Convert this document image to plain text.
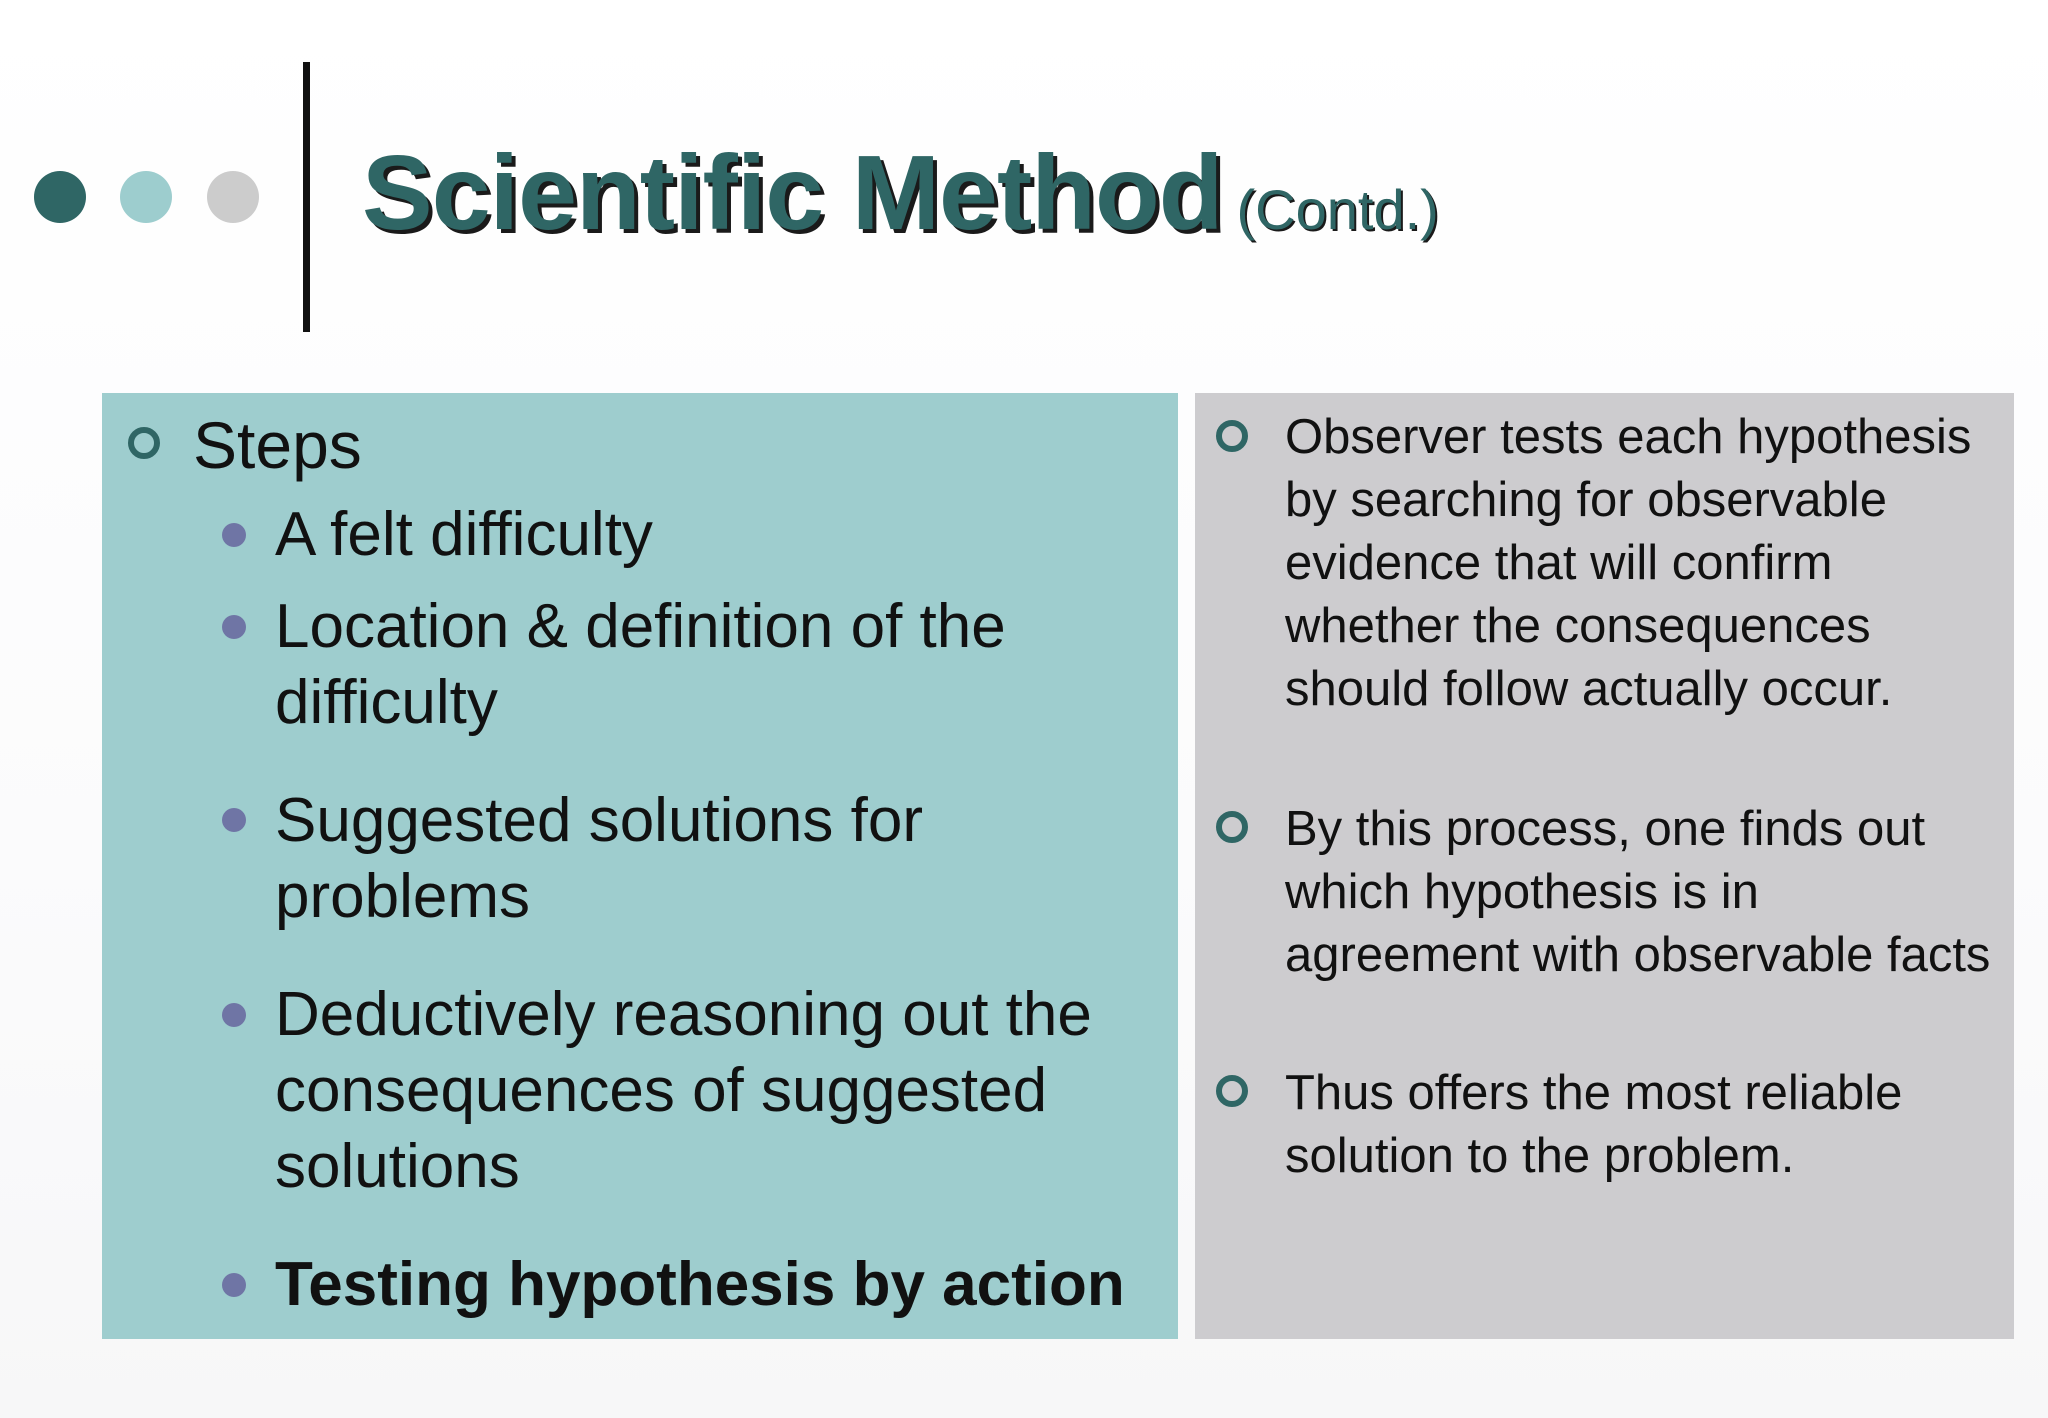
Scientific Method (Contd.)

Steps

A felt difficulty

Location & definition of the difficulty

Suggested solutions for problems

Deductively reasoning out the consequences of suggested solutions

Testing hypothesis by action

Observer tests each hypothesis by searching for observable evidence that will confirm whether the consequences should follow actually occur.

By this process, one finds out which hypothesis is in agreement with observable facts

Thus offers the most reliable solution to the problem.
